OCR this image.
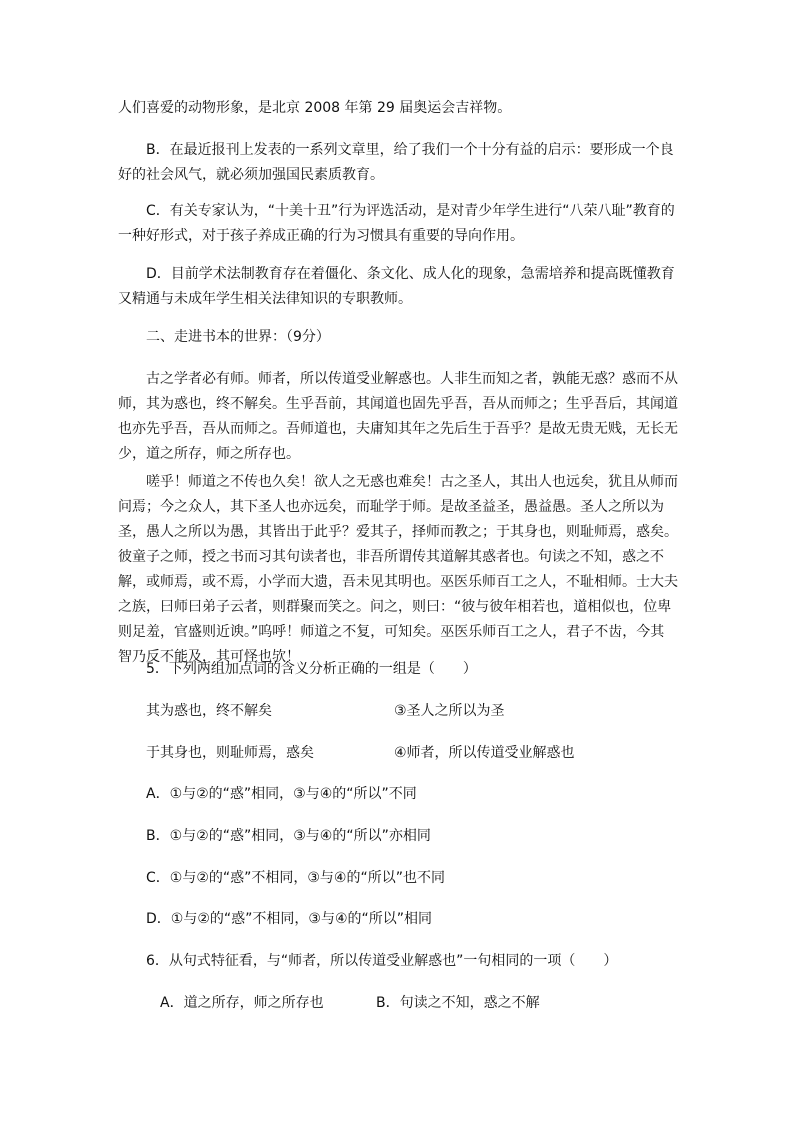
人们喜爱的动物形象，是北京 2008 年第 29 届奥运会吉祥物。

B．在最近报刊上发表的一系列文章里，给了我们一个十分有益的启示：要形成一个良好的社会风气，就必须加强国民素质教育。

C．有关专家认为，“十美十丑”行为评选活动，是对青少年学生进行“八荣八耻”教育的一种好形式，对于孩子养成正确的行为习惯具有重要的导向作用。

D．目前学术法制教育存在着僵化、条文化、成人化的现象，急需培养和提高既懂教育又精通与未成年学生相关法律知识的专职教师。

二、走进书本的世界：（9分）

古之学者必有师。师者，所以传道受业解惑也。人非生而知之者，孰能无惑？惑而不从师，其为惑也，终不解矣。生乎吾前，其闻道也固先乎吾，吾从而师之；生乎吾后，其闻道也亦先乎吾，吾从而师之。吾师道也，夫庸知其年之先后生于吾乎？是故无贵无贱，无长无少，道之所存，师之所存也。

嗟乎！师道之不传也久矣！欲人之无惑也难矣！古之圣人，其出人也远矣，犹且从师而问焉；今之众人，其下圣人也亦远矣，而耻学于师。是故圣益圣，愚益愚。圣人之所以为圣，愚人之所以为愚，其皆出于此乎？爱其子，择师而教之；于其身也，则耻师焉，惑矣。彼童子之师，授之书而习其句读者也，非吾所谓传其道解其惑者也。句读之不知，惑之不解，或师焉，或不焉，小学而大遗，吾未见其明也。巫医乐师百工之人，不耻相师。士大夫之族，曰师曰弟子云者，则群聚而笑之。问之，则曰：“彼与彼年相若也，道相似也，位卑则足羞，官盛则近谀。”呜呼！师道之不复，可知矣。巫医乐师百工之人，君子不齿，今其智乃反不能及，其可怪也欤！

5．下列两组加点词的含义分析正确的一组是（　　）

其为惑也，终不解矣	③圣人之所以为圣

于其身也，则耻师焉，惑矣	④师者，所以传道受业解惑也

A．①与②的“惑”相同，③与④的“所以”不同

B．①与②的“惑”相同，③与④的“所以”亦相同

C．①与②的“惑”不相同，③与④的“所以”也不同

D．①与②的“惑”不相同，③与④的“所以”相同

6．从句式特征看，与“师者，所以传道受业解惑也”一句相同的一项（　　）

A．道之所存，师之所存也	B．句读之不知，惑之不解
